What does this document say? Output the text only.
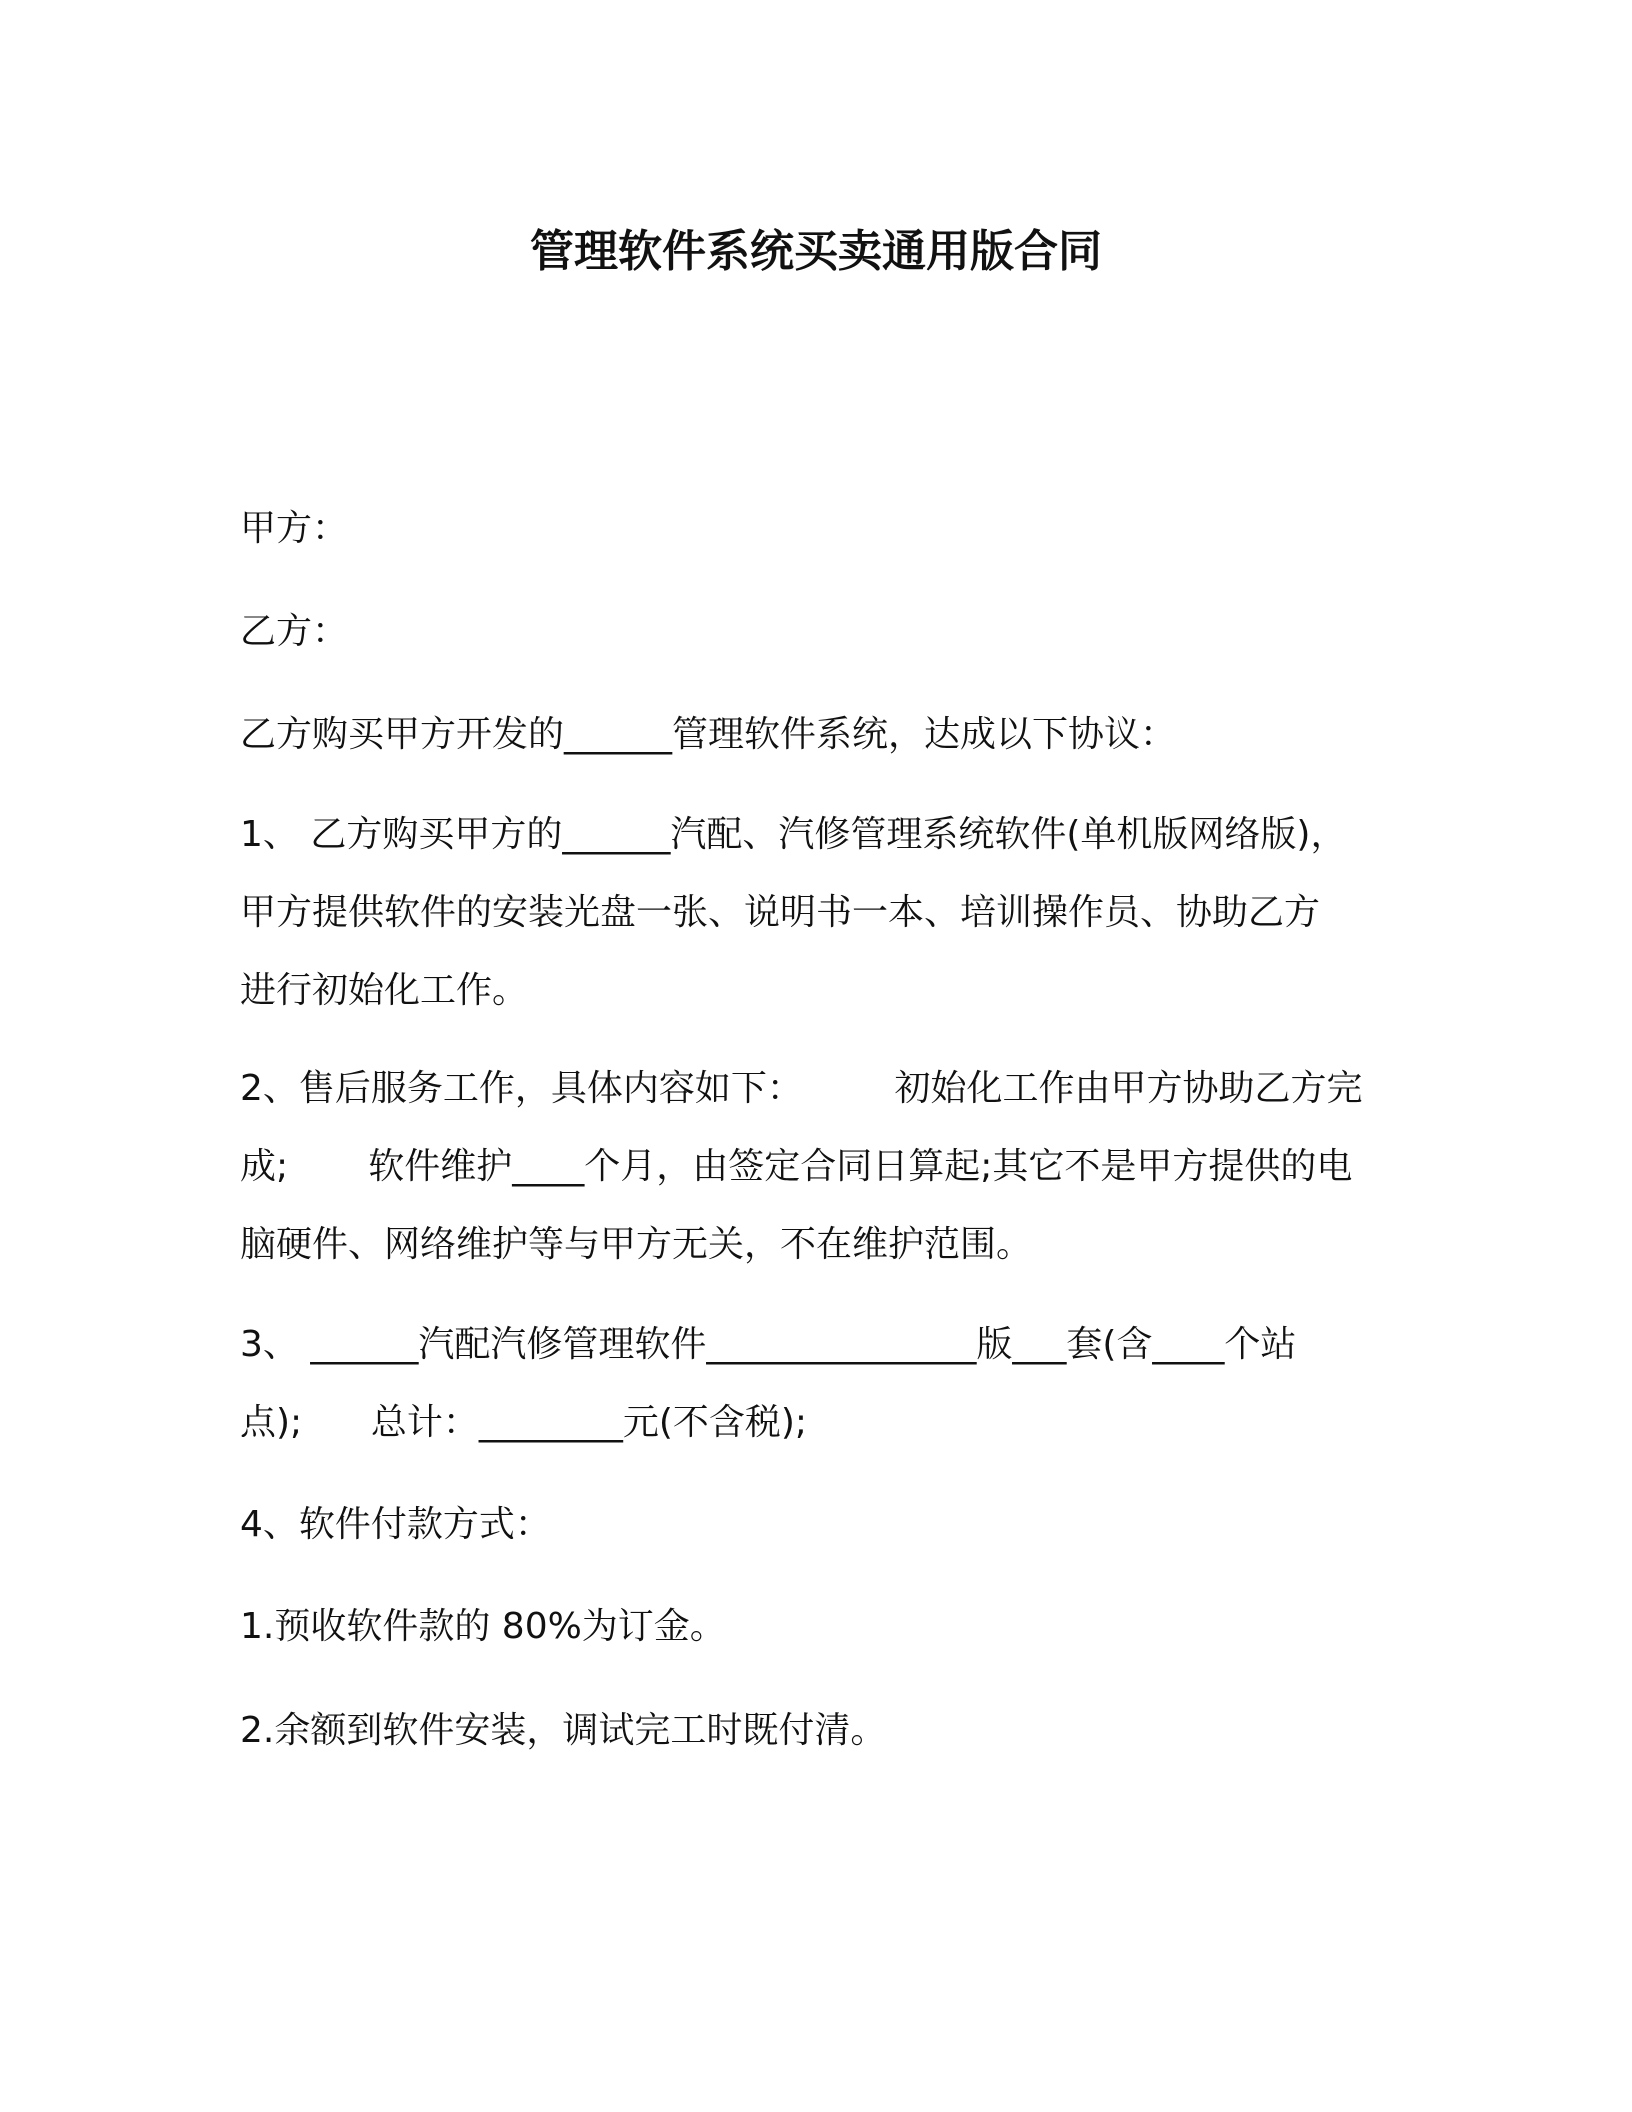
管理软件系统买卖通用版合同

甲方：

乙方：

乙方购买甲方开发的______管理软件系统，达成以下协议：

1、 乙方购买甲方的______汽配、汽修管理系统软件(单机版网络版)，
甲方提供软件的安装光盘一张、说明书一本、培训操作员、协助乙方
进行初始化工作。
2、售后服务工作，具体内容如下：        初始化工作由甲方协助乙方完
成;       软件维护____个月，由签定合同日算起;其它不是甲方提供的电
脑硬件、网络维护等与甲方无关，不在维护范围。
3、 ______汽配汽修管理软件_______________版___套(含____个站
点);      总计：________元(不含税);

4、软件付款方式：

1.预收软件款的 80%为订金。

2.余额到软件安装，调试完工时既付清。
